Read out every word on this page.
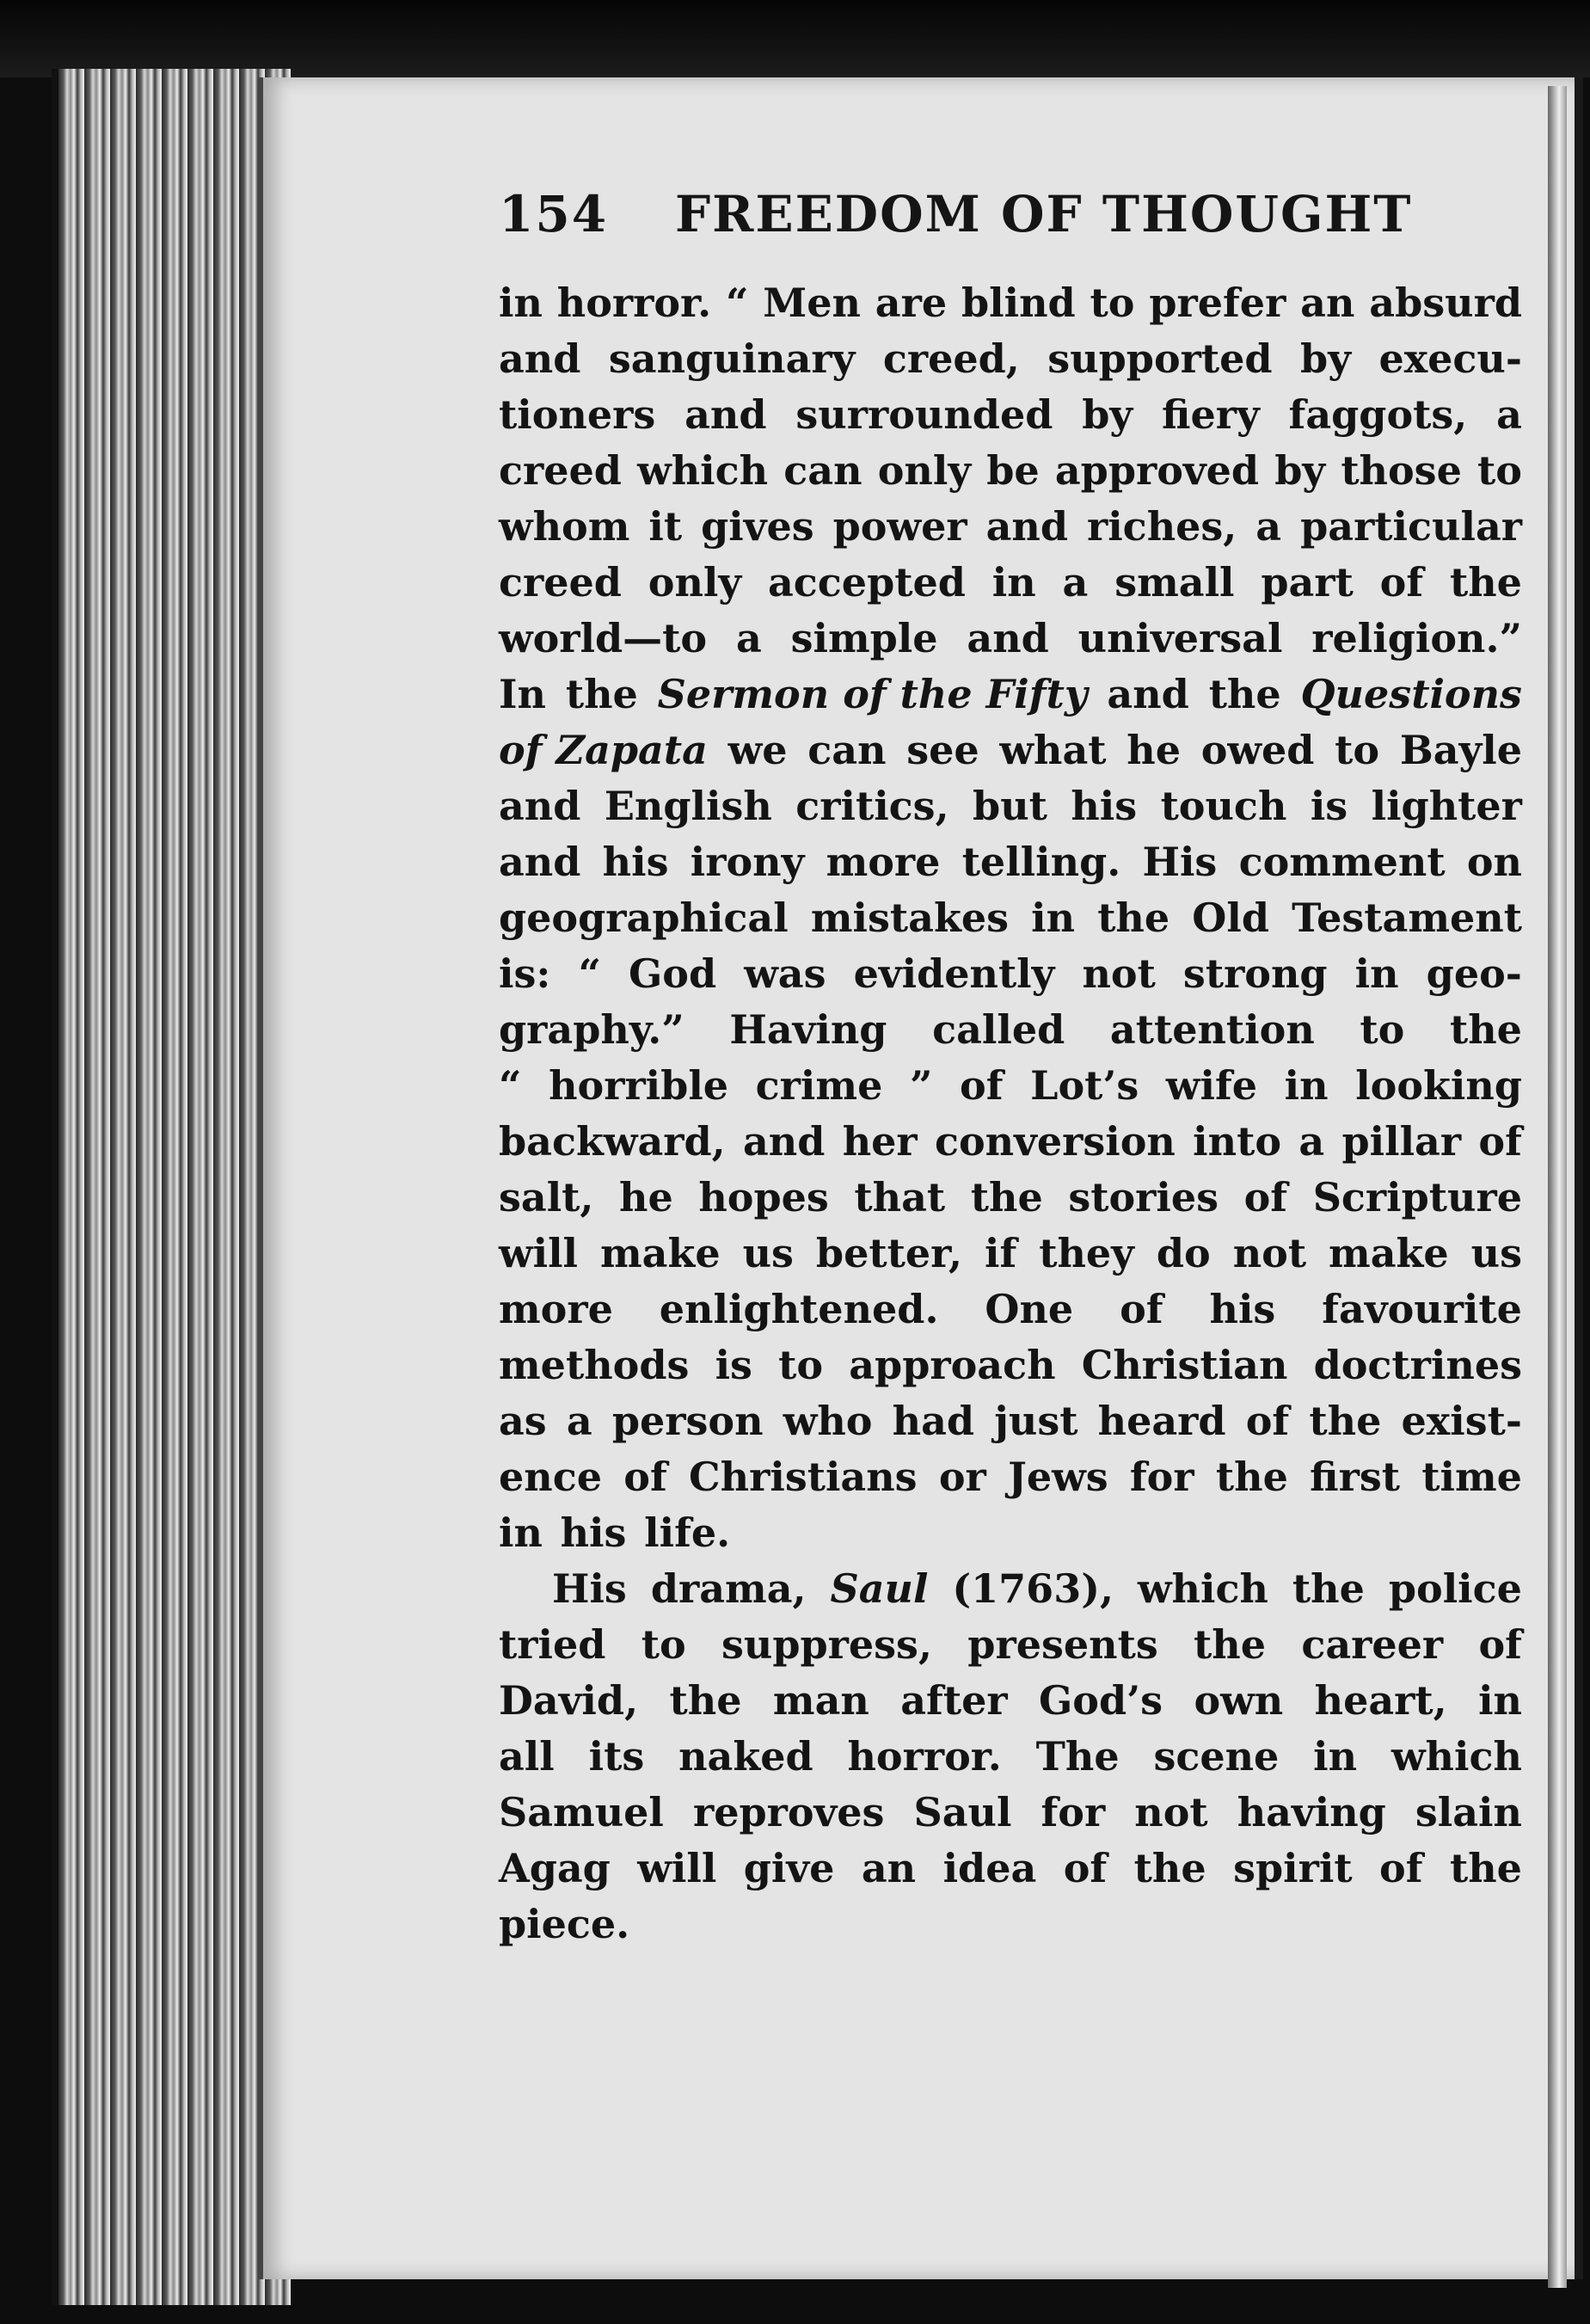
154 FREEDOM OF THOUGHT
in horror. “ Men are blind to prefer an absurd
and sanguinary creed, supported by execu-
tioners and surrounded by fiery faggots, a
creed which can only be approved by those to
whom it gives power and riches, a particular
creed only accepted in a small part of the
world—to a simple and universal religion.”
In the Sermon of the Fifty and the Questions
of Zapata we can see what he owed to Bayle
and English critics, but his touch is lighter
and his irony more telling. His comment on
geographical mistakes in the Old Testament
is: “ God was evidently not strong in geo-
graphy.” Having called attention to the
“ horrible crime ” of Lot’s wife in looking
backward, and her conversion into a pillar of
salt, he hopes that the stories of Scripture
will make us better, if they do not make us
more enlightened. One of his favourite
methods is to approach Christian doctrines
as a person who had just heard of the exist-
ence of Christians or Jews for the first time
in his life.
His drama, Saul (1763), which the police
tried to suppress, presents the career of
David, the man after God’s own heart, in
all its naked horror. The scene in which
Samuel reproves Saul for not having slain
Agag will give an idea of the spirit of the
piece.
